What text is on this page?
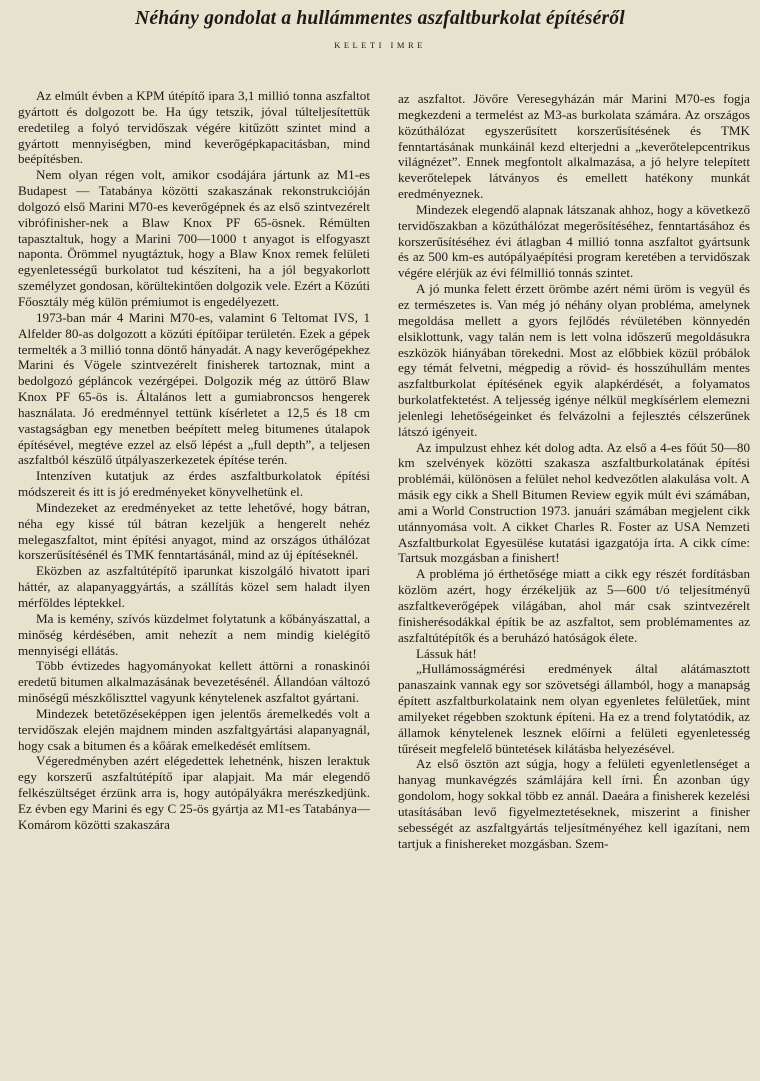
Néhány gondolat a hullámmentes aszfaltburkolat építéséről
KELETI IMRE

Az elmúlt évben a KPM útépítő ipara 3,1 millió tonna aszfaltot gyártott és dolgozott be. Ha úgy tetszik, jóval túlteljesítettük eredetileg a folyó tervidőszak végére kitűzött szintet mind a gyártott mennyiségben, mind keverőgépkapacitásban, mind beépítésben.

Nem olyan régen volt, amikor csodájára jártunk az M1-es Budapest — Tatabánya közötti szakaszának rekonstrukcióján dolgozó első Marini M70-es keverőgépnek és az első szintvezérelt vibrófinisher-nek a Blaw Knox PF 65-ösnek. Rémülten tapasztaltuk, hogy a Marini 700—1000 t anyagot is elfogyaszt naponta. Örömmel nyugtáztuk, hogy a Blaw Knox remek felületi egyenletességű burkolatot tud készíteni, ha a jól begyakorlott személyzet gondosan, körültekintően dolgozik vele. Ezért a Közúti Főosztály még külön prémiumot is engedélyezett.

1973-ban már 4 Marini M70-es, valamint 6 Teltomat IVS, 1 Alfelder 80-as dolgozott a közúti építőipar területén. Ezek a gépek termelték a 3 millió tonna döntő hányadát. A nagy keverőgépekhez Marini és Vögele szintvezérelt finisherek tartoznak, mint a bedolgozó gépláncok vezérgépei. Dolgozik még az úttörő Blaw Knox PF 65-ös is. Általános lett a gumiabroncsos hengerek használata. Jó eredménnyel tettünk kísérletet a 12,5 és 18 cm vastagságban egy menetben beépített meleg bitumenes útalapok építésével, megtéve ezzel az első lépést a „full depth”, a teljesen aszfaltból készülő útpályaszerkezetek építése terén.

Intenzíven kutatjuk az érdes aszfaltburkolatok építési módszereit és itt is jó eredményeket könyvelhetünk el.

Mindezeket az eredményeket az tette lehetővé, hogy bátran, néha egy kissé túl bátran kezeljük a hengerelt nehéz melegaszfaltot, mint építési anyagot, mind az országos úthálózat korszerűsítésénél és TMK fenntartásánál, mind az új építéseknél.

Eközben az aszfaltútépítő iparunkat kiszolgáló hivatott ipari háttér, az alapanyaggyártás, a szállítás közel sem haladt ilyen mérföldes léptekkel.

Ma is kemény, szívós küzdelmet folytatunk a kőbányászattal, a minőség kérdésében, amit nehezít a nem mindig kielégítő mennyiségi ellátás.

Több évtizedes hagyományokat kellett áttörni a ronaskinói eredetű bitumen alkalmazásának bevezetésénél. Állandóan változó minőségű mészkőliszttel vagyunk kénytelenek aszfaltot gyártani.

Mindezek betetőzéseképpen igen jelentős áremelkedés volt a tervidőszak elején majdnem minden aszfaltgyártási alapanyagnál, hogy csak a bitumen és a kőárak emelkedését említsem.

Végeredményben azért elégedettek lehetnénk, hiszen leraktuk egy korszerű aszfaltútépítő ipar alapjait. Ma már elegendő felkészültséget érzünk arra is, hogy autópályákra merészkedjünk. Ez évben egy Marini és egy C 25-ös gyártja az M1-es Tatabánya—Komárom közötti szakaszára

az aszfaltot. Jövőre Veresegyházán már Marini M70-es fogja megkezdeni a termelést az M3-as burkolata számára. Az országos közúthálózat egyszerűsített korszerűsítésének és TMK fenntartásának munkáinál kezd elterjedni a „keverőtelepcentrikus világnézet”. Ennek megfontolt alkalmazása, a jó helyre telepített keverőtelepek látványos és emellett hatékony munkát eredményeznek.

Mindezek elegendő alapnak látszanak ahhoz, hogy a következő tervidőszakban a közúthálózat megerősítéséhez, fenntartásához és korszerűsítéséhez évi átlagban 4 millió tonna aszfaltot gyártsunk és az 500 km-es autópályaépítési program keretében a tervidőszak végére elérjük az évi félmillió tonnás szintet.

A jó munka felett érzett örömbe azért némi üröm is vegyül és ez természetes is. Van még jó néhány olyan probléma, amelynek megoldása mellett a gyors fejlődés révületében könnyedén elsiklottunk, vagy talán nem is lett volna időszerű megoldásukra eszközök hiányában törekedni. Most az előbbiek közül próbálok egy témát felvetni, mégpedig a rövid- és hosszúhullám mentes aszfaltburkolat építésének egyik alapkérdését, a folyamatos burkolatfektetést. A teljesség igénye nélkül megkísérlem elemezni jelenlegi lehetőségeinket és felvázolni a fejlesztés célszerűnek látszó igényeit.

Az impulzust ehhez két dolog adta. Az első a 4-es főút 50—80 km szelvények közötti szakasza aszfaltburkolatának építési problémái, különösen a felület nehol kedvezőtlen alakulása volt. A másik egy cikk a Shell Bitumen Review egyik múlt évi számában, ami a World Construction 1973. januári számában megjelent cikk utánnyomása volt. A cikket Charles R. Foster az USA Nemzeti Aszfaltburkolat Egyesülése kutatási igazgatója írta. A cikk címe: Tartsuk mozgásban a finishert!

A probléma jó érthetősége miatt a cikk egy részét fordításban közlöm azért, hogy érzékeljük az 5—600 t/ó teljesítményű aszfaltkeverőgépek világában, ahol már csak szintvezérelt finisherésodákkal építik be az aszfaltot, sem problémamentes az aszfaltútépítők és a beruházó hatóságok élete.

Lássuk hát!

„Hullámosságmérési eredmények által alátámasztott panaszaink vannak egy sor szövetségi államból, hogy a manapság épített aszfaltburkolataink nem olyan egyenletes felületűek, mint amilyeket régebben szoktunk építeni. Ha ez a trend folytatódik, az államok kénytelenek lesznek előírni a felületi egyenletesség tűréseit megfelelő büntetések kilátásba helyezésével.

Az első ösztön azt súgja, hogy a felületi egyenletlenséget a hanyag munkavégzés számlájára kell írni. Én azonban úgy gondolom, hogy sokkal több ez annál. Daeára a finisherek kezelési utasításában levő figyelmeztetéseknek, miszerint a finisher sebességét az aszfaltgyártás teljesítményéhez kell igazítani, nem tartjuk a finishereket mozgásban. Szem-
